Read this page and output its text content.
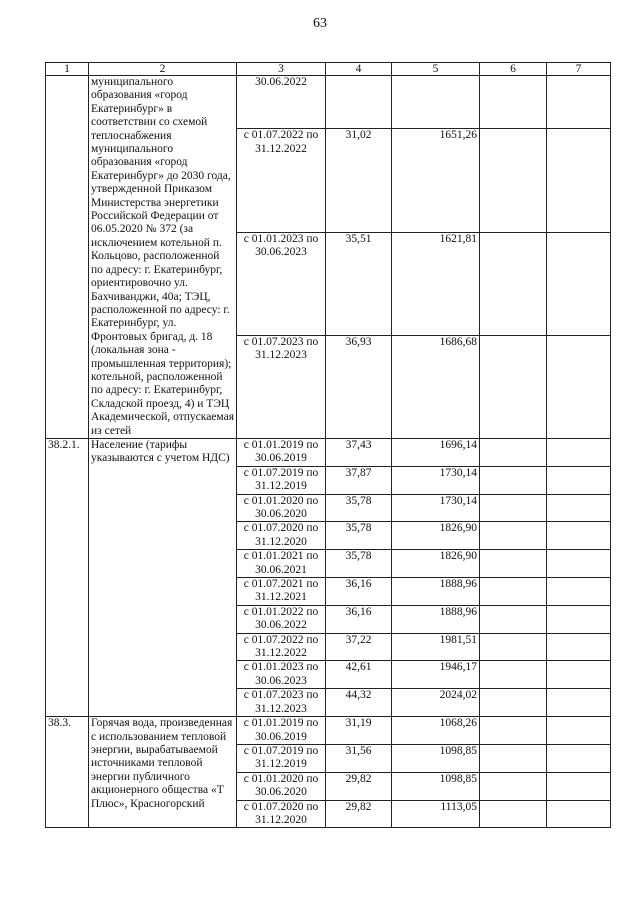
63
1	2	3	4	5	6	7
	муниципального образования «город Екатеринбург» в соответствии со схемой теплоснабжения муниципального образования «город Екатеринбург» до 2030 года, утвержденной Приказом Министерства энергетики Российской Федерации от 06.05.2020 № 372 (за исключением котельной п. Кольцово, расположенной по адресу: г. Екатеринбург, ориентировочно ул. Бахчиванджи, 40а; ТЭЦ, расположенной по адресу: г. Екатеринбург, ул. Фронтовых бригад, д. 18 (локальная зона - промышленная территория); котельной, расположенной по адресу: г. Екатеринбург, Складской проезд, 4) и ТЭЦ Академической, отпускаемая из сетей	30.06.2022				
		с 01.07.2022 по 31.12.2022	31,02	1651,26		
		с 01.01.2023 по 30.06.2023	35,51	1621,81		
		с 01.07.2023 по 31.12.2023	36,93	1686,68		
38.2.1.	Население (тарифы указываются с учетом НДС)	с 01.01.2019 по 30.06.2019	37,43	1696,14		
		с 01.07.2019 по 31.12.2019	37,87	1730,14		
		с 01.01.2020 по 30.06.2020	35,78	1730,14		
		с 01.07.2020 по 31.12.2020	35,78	1826,90		
		с 01.01.2021 по 30.06.2021	35,78	1826,90		
		с 01.07.2021 по 31.12.2021	36,16	1888,96		
		с 01.01.2022 по 30.06.2022	36,16	1888,96		
		с 01.07.2022 по 31.12.2022	37,22	1981,51		
		с 01.01.2023 по 30.06.2023	42,61	1946,17		
		с 01.07.2023 по 31.12.2023	44,32	2024,02		
38.3.	Горячая вода, произведенная с использованием тепловой энергии, вырабатываемой источниками тепловой энергии публичного акционерного общества «Т Плюс», Красногорский	с 01.01.2019 по 30.06.2019	31,19	1068,26		
		с 01.07.2019 по 31.12.2019	31,56	1098,85		
		с 01.01.2020 по 30.06.2020	29,82	1098,85		
		с 01.07.2020 по 31.12.2020	29,82	1113,05		
